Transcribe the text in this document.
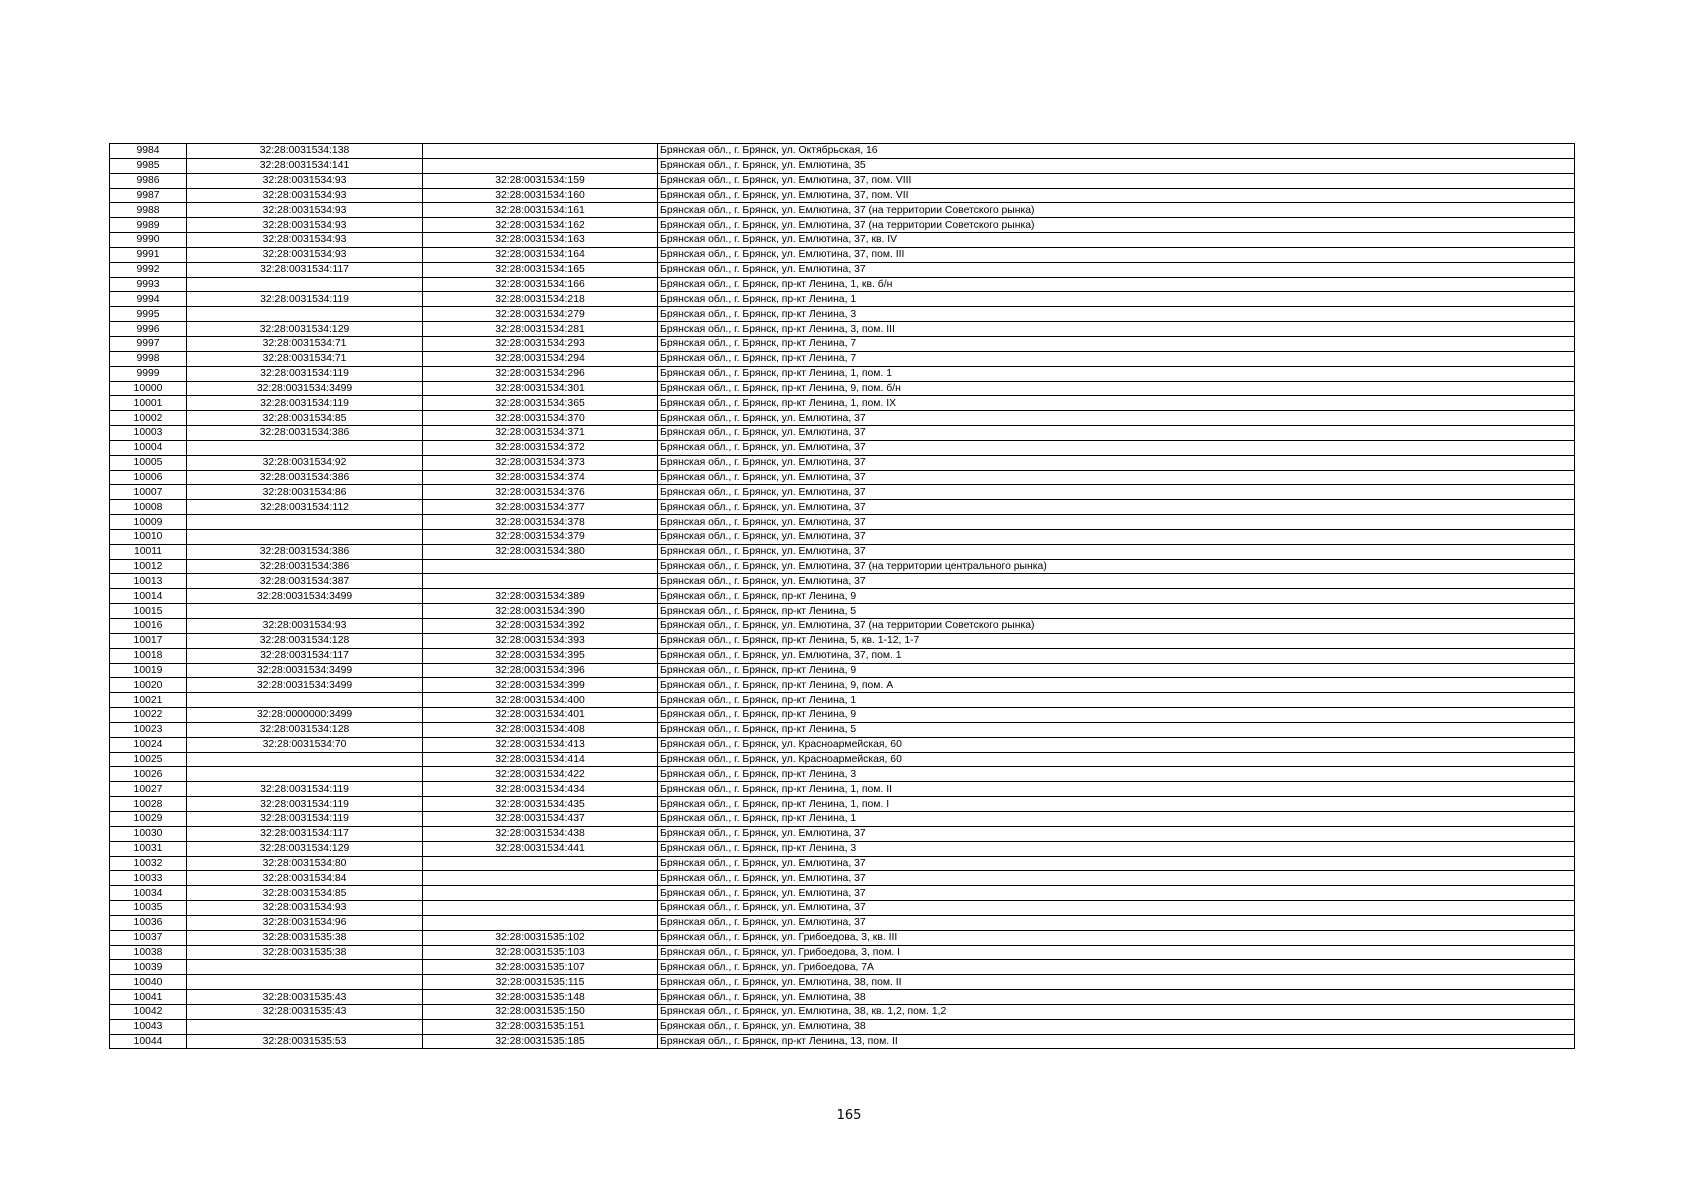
9984	32:28:0031534:138		Брянская обл., г. Брянск, ул. Октябрьская, 16
9985	32:28:0031534:141		Брянская обл., г. Брянск, ул. Емлютина, 35
9986	32:28:0031534:93	32:28:0031534:159	Брянская обл., г. Брянск, ул. Емлютина, 37, пом. VIII
9987	32:28:0031534:93	32:28:0031534:160	Брянская обл., г. Брянск, ул. Емлютина, 37, пом. VII
9988	32:28:0031534:93	32:28:0031534:161	Брянская обл., г. Брянск, ул. Емлютина, 37 (на территории Советского рынка)
9989	32:28:0031534:93	32:28:0031534:162	Брянская обл., г. Брянск, ул. Емлютина, 37 (на территории Советского рынка)
9990	32:28:0031534:93	32:28:0031534:163	Брянская обл., г. Брянск, ул. Емлютина, 37, кв. IV
9991	32:28:0031534:93	32:28:0031534:164	Брянская обл., г. Брянск, ул. Емлютина, 37, пом. III
9992	32:28:0031534:117	32:28:0031534:165	Брянская обл., г. Брянск, ул. Емлютина, 37
9993		32:28:0031534:166	Брянская обл., г. Брянск, пр-кт Ленина, 1, кв. б/н
9994	32:28:0031534:119	32:28:0031534:218	Брянская обл., г. Брянск, пр-кт Ленина, 1
9995		32:28:0031534:279	Брянская обл., г. Брянск, пр-кт Ленина, 3
9996	32:28:0031534:129	32:28:0031534:281	Брянская обл., г. Брянск, пр-кт Ленина, 3, пом. III
9997	32:28:0031534:71	32:28:0031534:293	Брянская обл., г. Брянск, пр-кт Ленина, 7
9998	32:28:0031534:71	32:28:0031534:294	Брянская обл., г. Брянск, пр-кт Ленина, 7
9999	32:28:0031534:119	32:28:0031534:296	Брянская обл., г. Брянск, пр-кт Ленина, 1, пом. 1
10000	32:28:0031534:3499	32:28:0031534:301	Брянская обл., г. Брянск, пр-кт Ленина, 9, пом. б/н
10001	32:28:0031534:119	32:28:0031534:365	Брянская обл., г. Брянск, пр-кт Ленина, 1, пом. IX
10002	32:28:0031534:85	32:28:0031534:370	Брянская обл., г. Брянск, ул. Емлютина, 37
10003	32:28:0031534:386	32:28:0031534:371	Брянская обл., г. Брянск, ул. Емлютина, 37
10004		32:28:0031534:372	Брянская обл., г. Брянск, ул. Емлютина, 37
10005	32:28:0031534:92	32:28:0031534:373	Брянская обл., г. Брянск, ул. Емлютина, 37
10006	32:28:0031534:386	32:28:0031534:374	Брянская обл., г. Брянск, ул. Емлютина, 37
10007	32:28:0031534:86	32:28:0031534:376	Брянская обл., г. Брянск, ул. Емлютина, 37
10008	32:28:0031534:112	32:28:0031534:377	Брянская обл., г. Брянск, ул. Емлютина, 37
10009		32:28:0031534:378	Брянская обл., г. Брянск, ул. Емлютина, 37
10010		32:28:0031534:379	Брянская обл., г. Брянск, ул. Емлютина, 37
10011	32:28:0031534:386	32:28:0031534:380	Брянская обл., г. Брянск, ул. Емлютина, 37
10012	32:28:0031534:386		Брянская обл., г. Брянск, ул. Емлютина, 37 (на территории центрального рынка)
10013	32:28:0031534:387		Брянская обл., г. Брянск, ул. Емлютина, 37
10014	32:28:0031534:3499	32:28:0031534:389	Брянская обл., г. Брянск, пр-кт Ленина, 9
10015		32:28:0031534:390	Брянская обл., г. Брянск, пр-кт Ленина, 5
10016	32:28:0031534:93	32:28:0031534:392	Брянская обл., г. Брянск, ул. Емлютина, 37 (на территории Советского рынка)
10017	32:28:0031534:128	32:28:0031534:393	Брянская обл., г. Брянск, пр-кт Ленина, 5, кв. 1-12, 1-7
10018	32:28:0031534:117	32:28:0031534:395	Брянская обл., г. Брянск, ул. Емлютина, 37, пом. 1
10019	32:28:0031534:3499	32:28:0031534:396	Брянская обл., г. Брянск, пр-кт Ленина, 9
10020	32:28:0031534:3499	32:28:0031534:399	Брянская обл., г. Брянск, пр-кт Ленина, 9, пом. А
10021		32:28:0031534:400	Брянская обл., г. Брянск, пр-кт Ленина, 1
10022	32:28:0000000:3499	32:28:0031534:401	Брянская обл., г. Брянск, пр-кт Ленина, 9
10023	32:28:0031534:128	32:28:0031534:408	Брянская обл., г. Брянск, пр-кт Ленина, 5
10024	32:28:0031534:70	32:28:0031534:413	Брянская обл., г. Брянск, ул. Красноармейская, 60
10025		32:28:0031534:414	Брянская обл., г. Брянск, ул. Красноармейская, 60
10026		32:28:0031534:422	Брянская обл., г. Брянск, пр-кт Ленина, 3
10027	32:28:0031534:119	32:28:0031534:434	Брянская обл., г. Брянск, пр-кт Ленина, 1, пом. II
10028	32:28:0031534:119	32:28:0031534:435	Брянская обл., г. Брянск, пр-кт Ленина, 1, пом. I
10029	32:28:0031534:119	32:28:0031534:437	Брянская обл., г. Брянск, пр-кт Ленина, 1
10030	32:28:0031534:117	32:28:0031534:438	Брянская обл., г. Брянск, ул. Емлютина, 37
10031	32:28:0031534:129	32:28:0031534:441	Брянская обл., г. Брянск, пр-кт Ленина, 3
10032	32:28:0031534:80		Брянская обл., г. Брянск, ул. Емлютина, 37
10033	32:28:0031534:84		Брянская обл., г. Брянск, ул. Емлютина, 37
10034	32:28:0031534:85		Брянская обл., г. Брянск, ул. Емлютина, 37
10035	32:28:0031534:93		Брянская обл., г. Брянск, ул. Емлютина, 37
10036	32:28:0031534:96		Брянская обл., г. Брянск, ул. Емлютина, 37
10037	32:28:0031535:38	32:28:0031535:102	Брянская обл., г. Брянск, ул. Грибоедова, 3, кв. III
10038	32:28:0031535:38	32:28:0031535:103	Брянская обл., г. Брянск, ул. Грибоедова, 3, пом. I
10039		32:28:0031535:107	Брянская обл., г. Брянск, ул. Грибоедова, 7А
10040		32:28:0031535:115	Брянская обл., г. Брянск, ул. Емлютина, 38, пом. II
10041	32:28:0031535:43	32:28:0031535:148	Брянская обл., г. Брянск, ул. Емлютина, 38
10042	32:28:0031535:43	32:28:0031535:150	Брянская обл., г. Брянск, ул. Емлютина, 38, кв. 1,2, пом. 1,2
10043		32:28:0031535:151	Брянская обл., г. Брянск, ул. Емлютина, 38
10044	32:28:0031535:53	32:28:0031535:185	Брянская обл., г. Брянск, пр-кт Ленина, 13, пом. II
165
